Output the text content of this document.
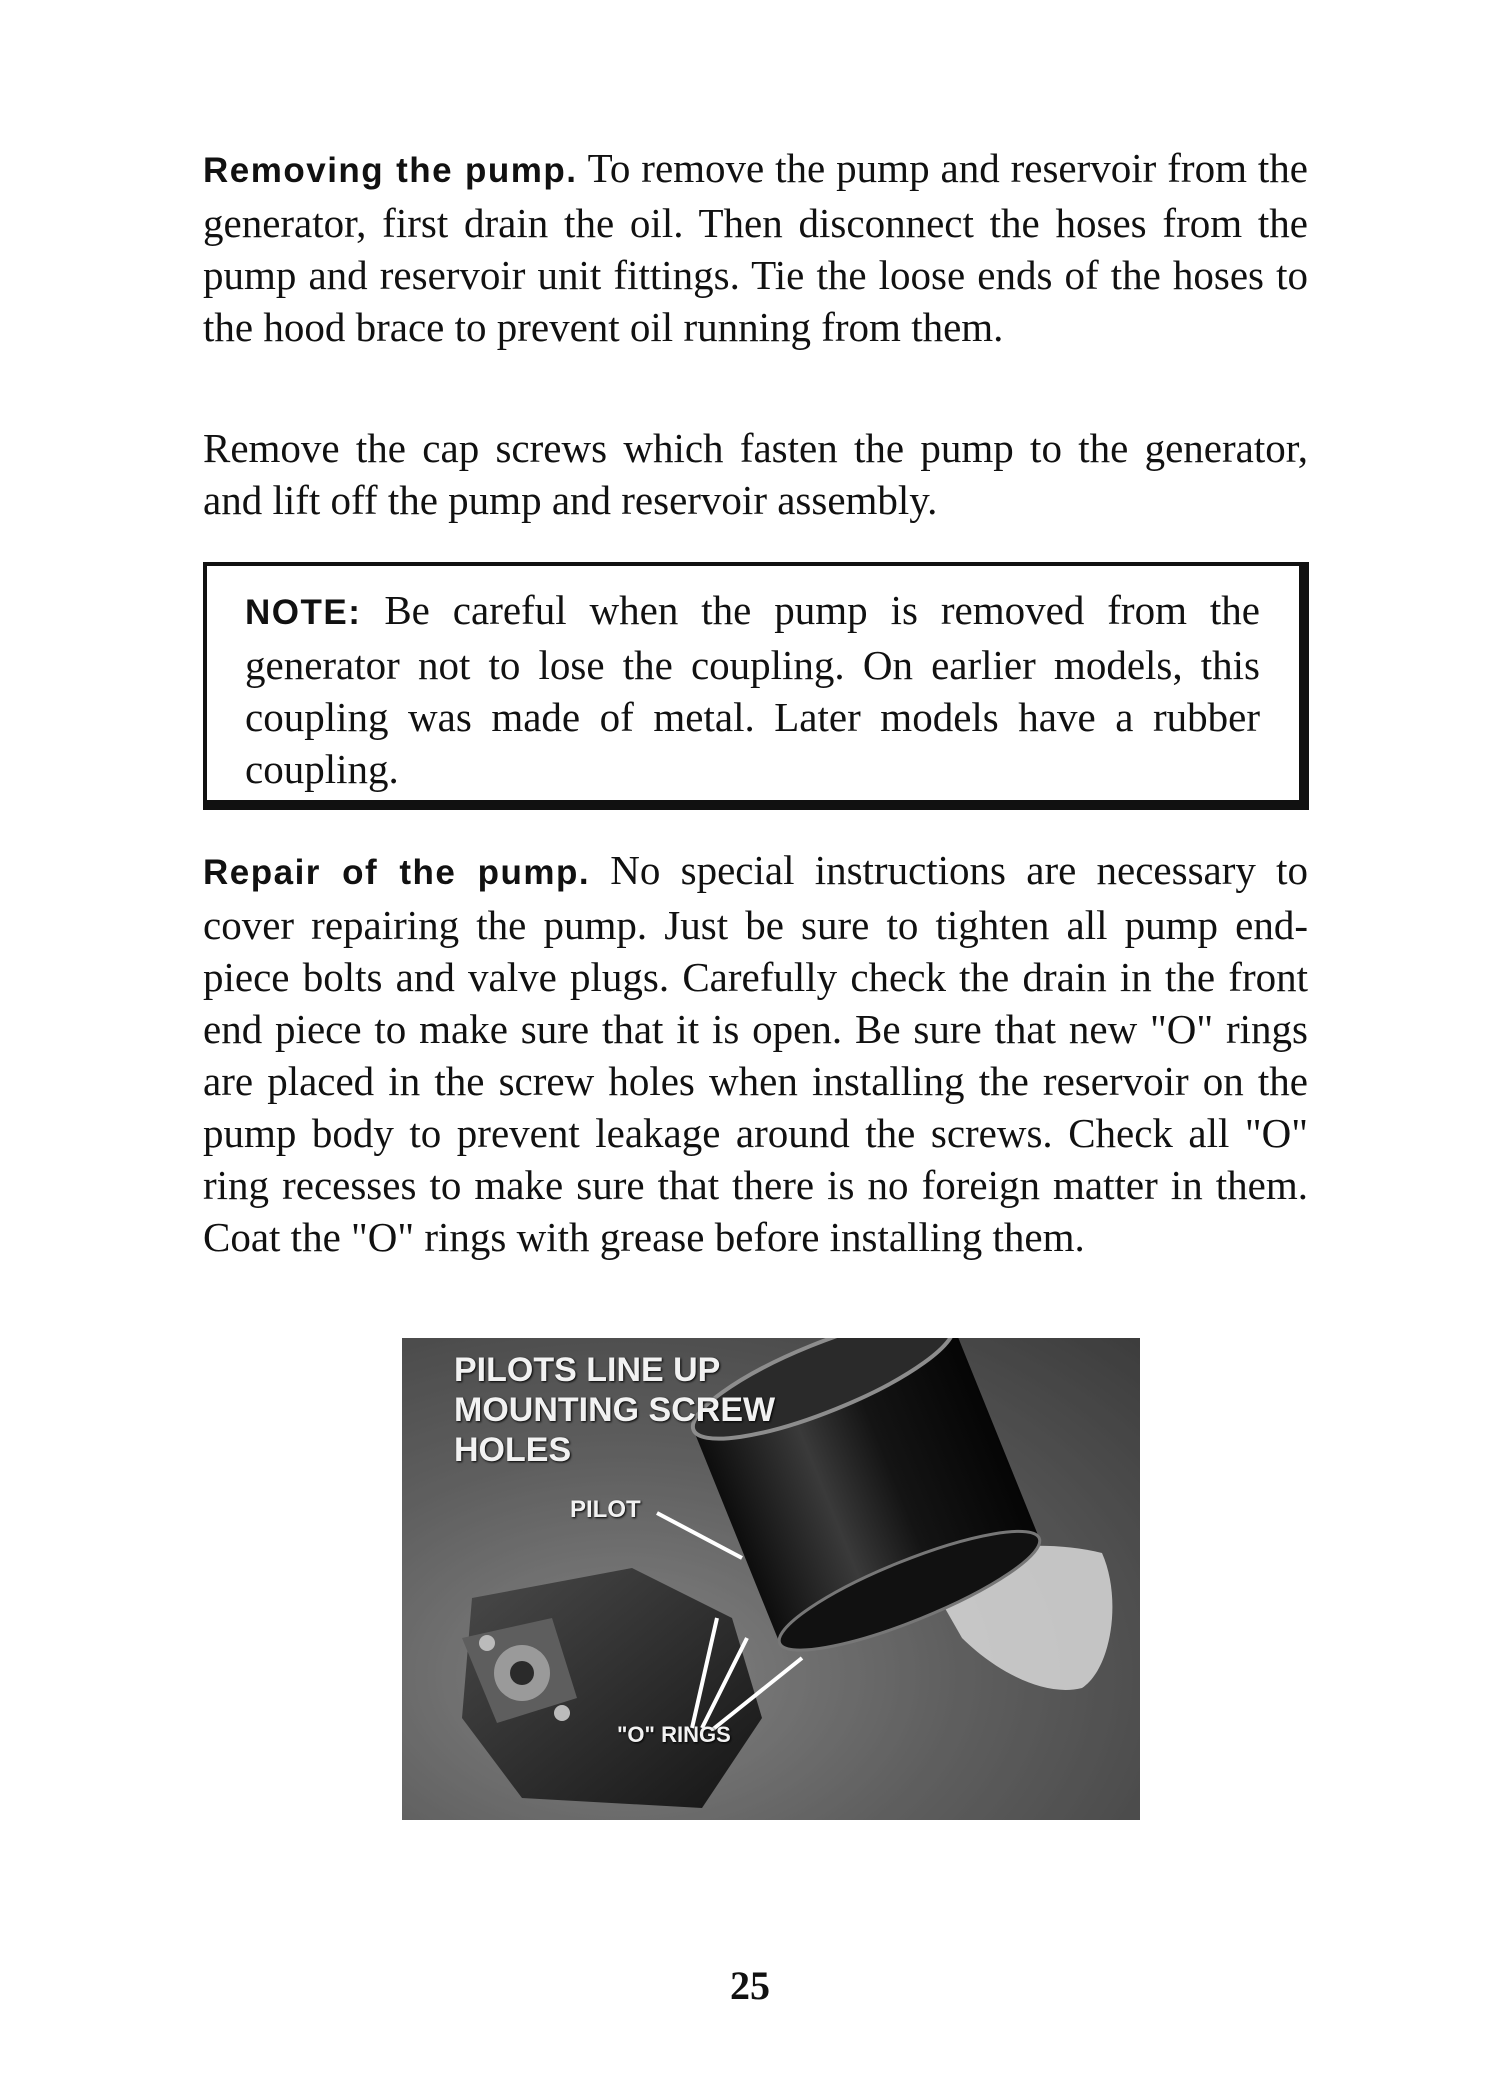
Removing the pump. To remove the pump and reservoir from the generator, first drain the oil. Then disconnect the hoses from the pump and reservoir unit fittings. Tie the loose ends of the hoses to the hood brace to prevent oil running from them.

Remove the cap screws which fasten the pump to the generator, and lift off the pump and reservoir assembly.

NOTE: Be careful when the pump is removed from the generator not to lose the coupling. On earlier models, this coupling was made of metal. Later models have a rubber coupling.

Repair of the pump. No special instructions are necessary to cover repairing the pump. Just be sure to tighten all pump end-piece bolts and valve plugs. Carefully check the drain in the front end piece to make sure that it is open. Be sure that new "O" rings are placed in the screw holes when installing the reservoir on the pump body to prevent leakage around the screws. Check all "O" ring recesses to make sure that there is no foreign matter in them. Coat the "O" rings with grease before installing them.

PILOTS LINE UP
MOUNTING SCREW
HOLES
PILOT
"O" RINGS
25
